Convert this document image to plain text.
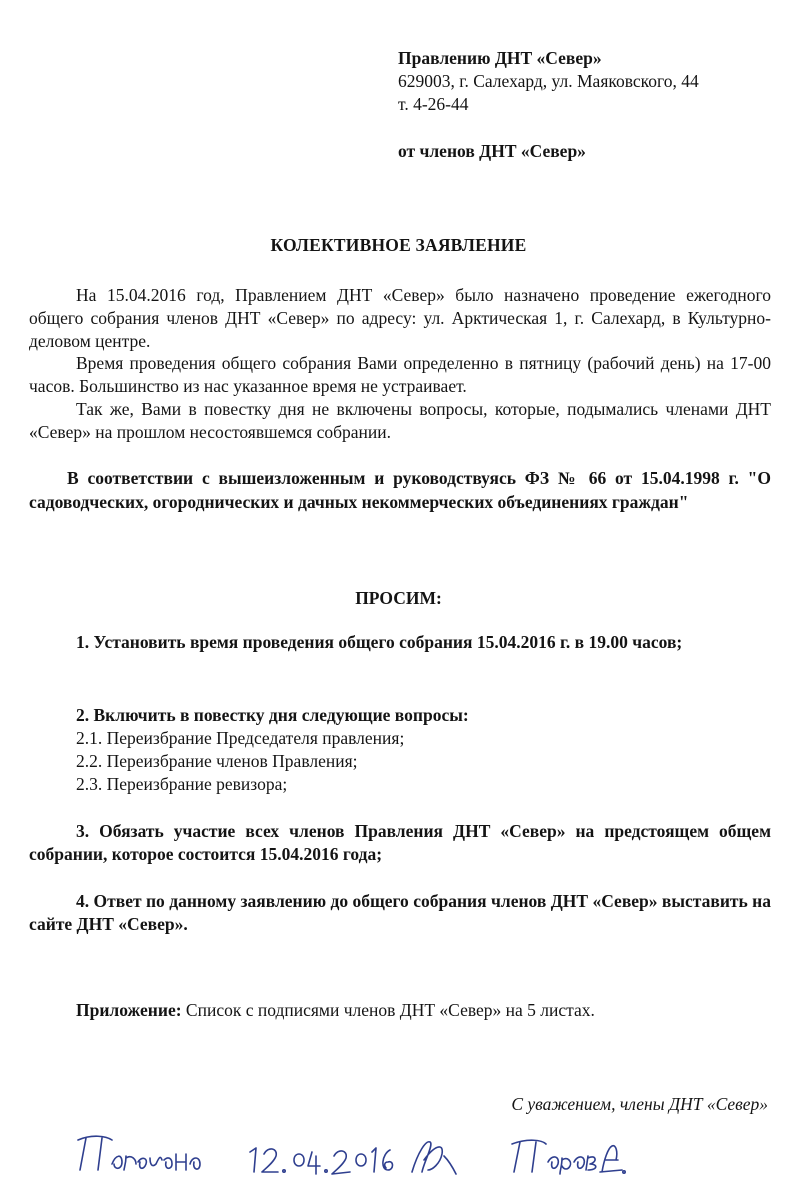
Правлению ДНТ «Север»
629003, г. Салехард, ул. Маяковского, 44
т. 4-26-44
от членов ДНТ «Север»
КОЛЕКТИВНОЕ ЗАЯВЛЕНИЕ

На 15.04.2016 год, Правлением ДНТ «Север» было назначено проведение ежегодного общего собрания членов ДНТ «Север» по адресу: ул. Арктическая 1, г. Салехард, в Культурно-деловом центре.

Время проведения общего собрания Вами определенно в пятницу (рабочий день) на 17-00 часов. Большинство из нас указанное время не устраивает.

Так же, Вами в повестку дня не включены вопросы, которые, подымались членами ДНТ «Север» на прошлом несостоявшемся собрании.

В соответствии с вышеизложенным и руководствуясь ФЗ № 66 от 15.04.1998 г. "О садоводческих, огороднических и дачных некоммерческих объединениях граждан"

ПРОСИМ:

1. Установить время проведения общего собрания 15.04.2016 г. в 19.00 часов;

2. Включить в повестку дня следующие вопросы:
2.1. Переизбрание Председателя правления;
2.2. Переизбрание членов Правления;
2.3. Переизбрание ревизора;

3. Обязать участие всех членов Правления ДНТ «Север» на предстоящем общем собрании, которое состоится 15.04.2016 года;

4. Ответ по данному заявлению до общего собрания членов ДНТ «Север» выставить на сайте ДНТ «Север».

Приложение: Список с подписями членов ДНТ «Север» на 5 листах.
С уважением, члены ДНТ «Север»
